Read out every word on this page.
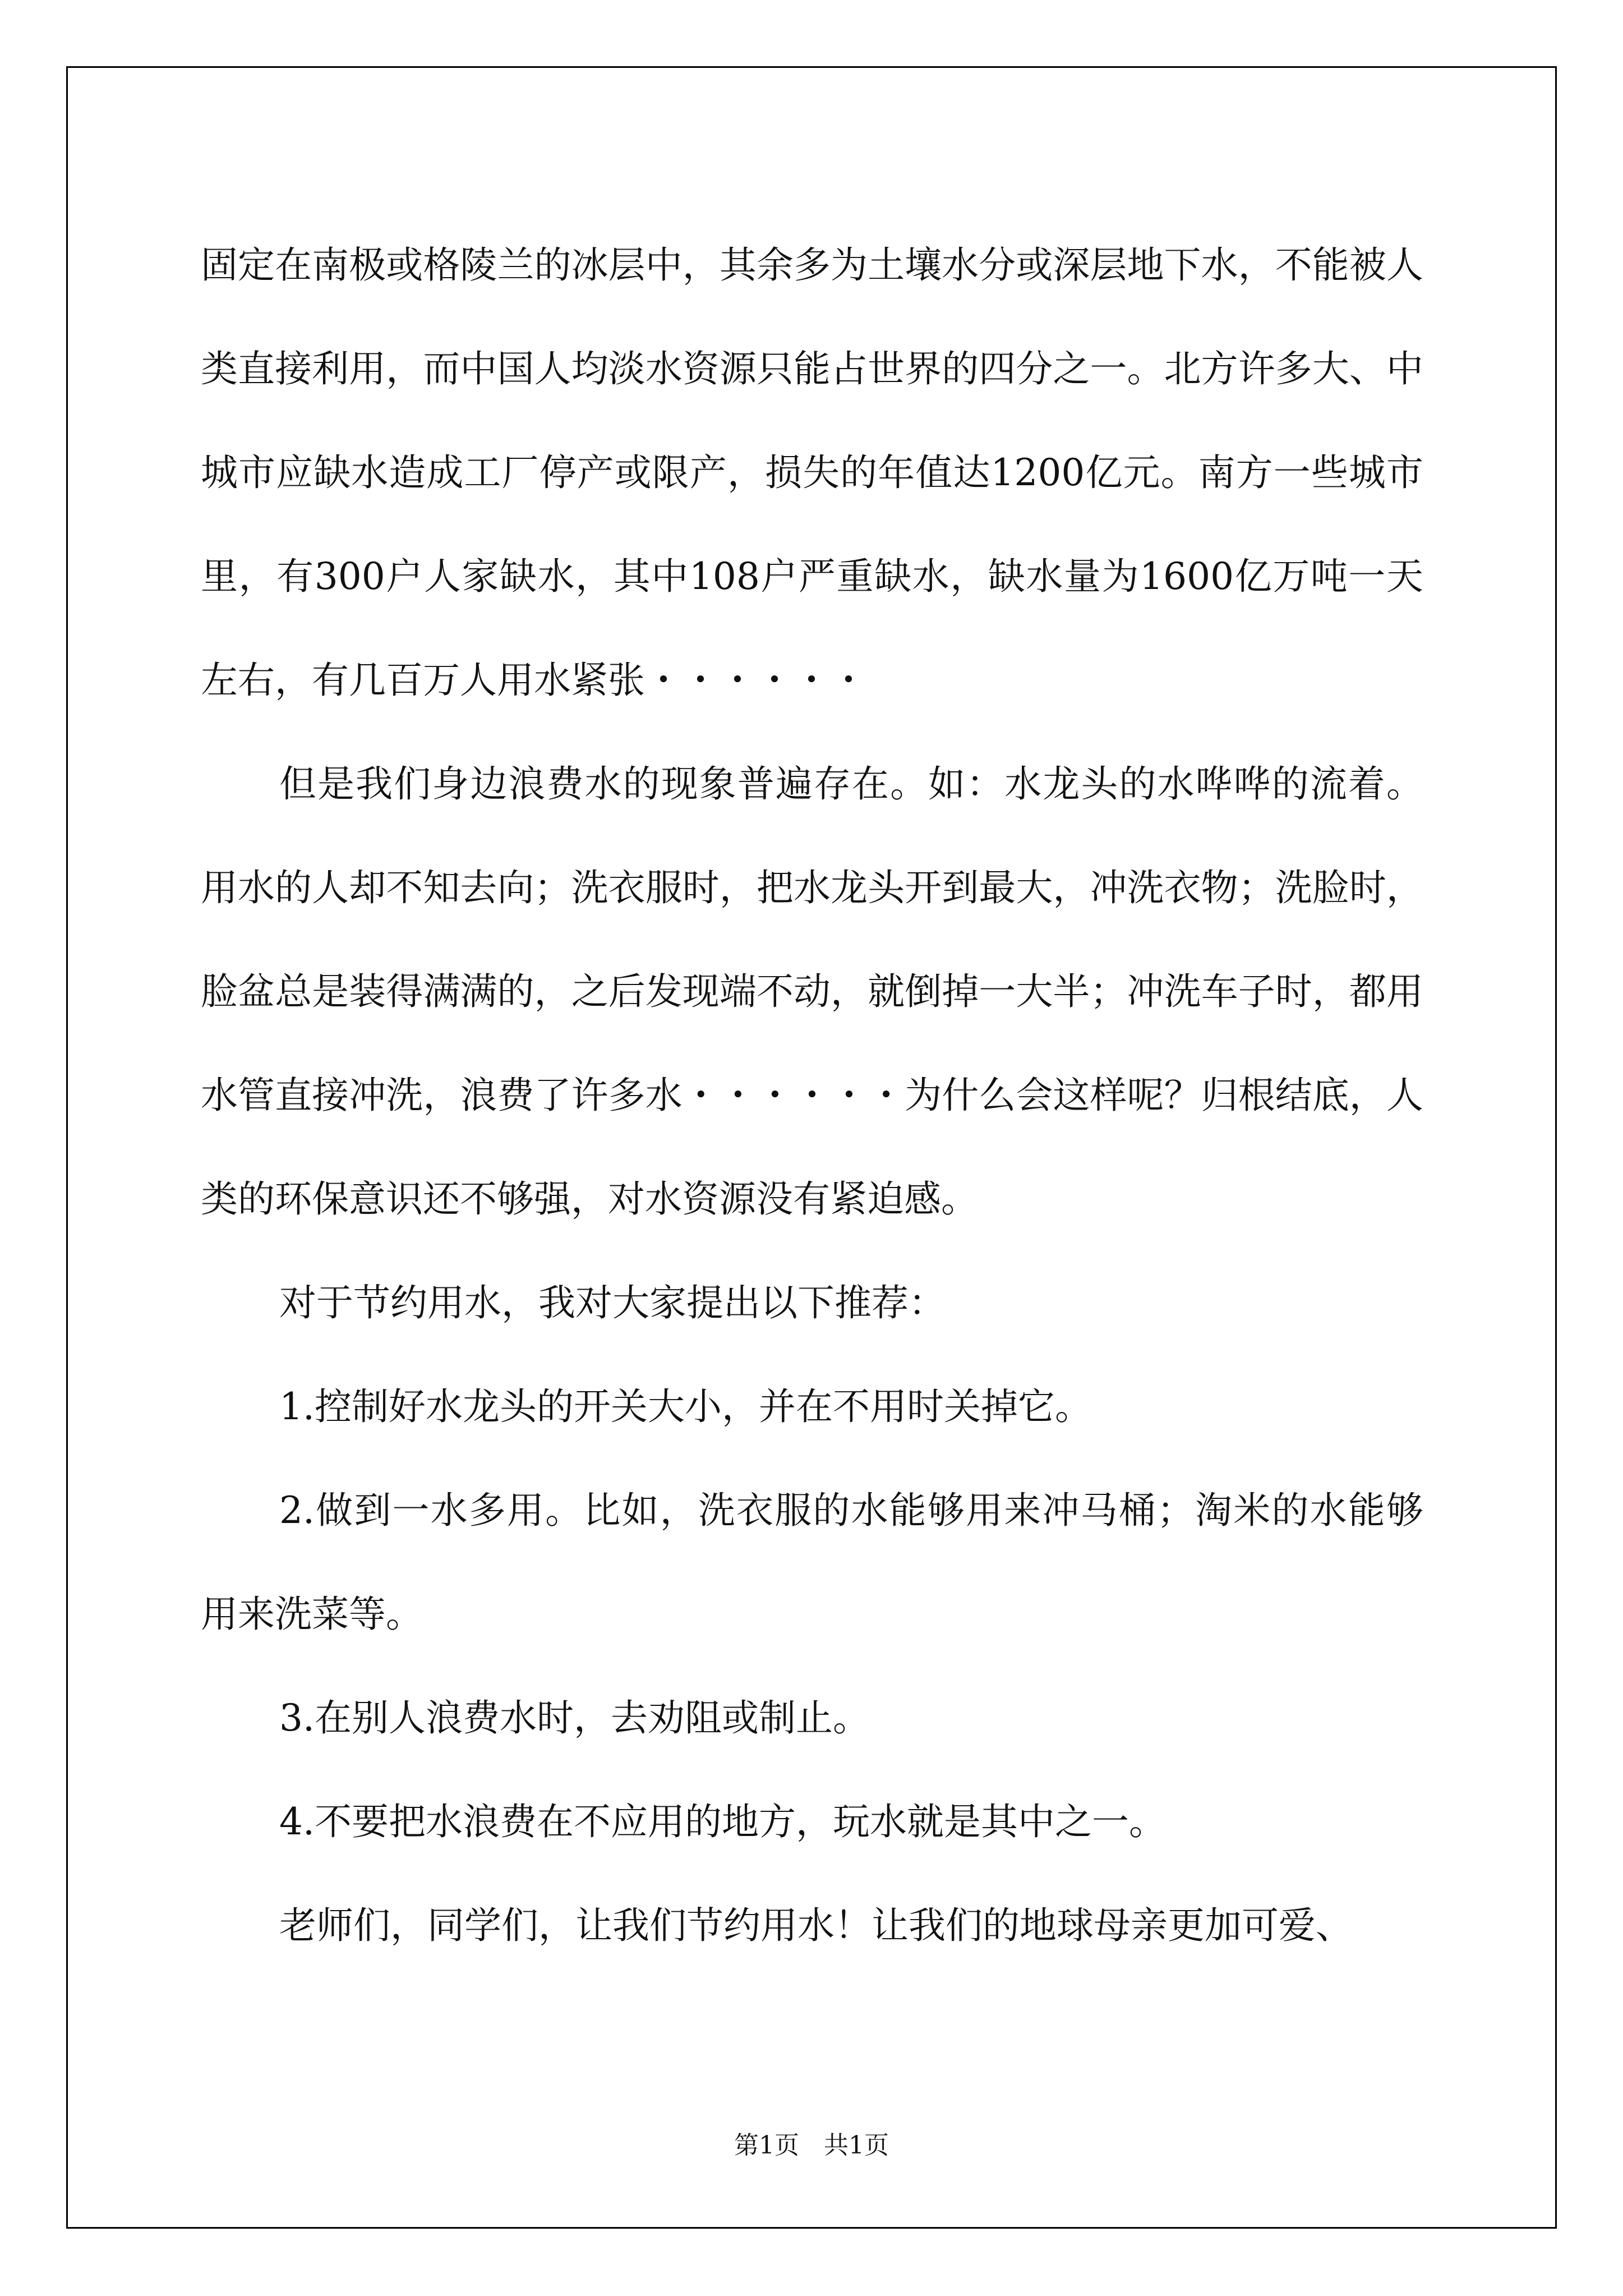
固定在南极或格陵兰的冰层中，其余多为土壤水分或深层地下水，不能被人类直接利用，而中国人均淡水资源只能占世界的四分之一。北方许多大、中城市应缺水造成工厂停产或限产，损失的年值达1200亿元。南方一些城市里，有300户人家缺水，其中108户严重缺水，缺水量为1600亿万吨一天左右，有几百万人用水紧张・・・・・・

但是我们身边浪费水的现象普遍存在。如：水龙头的水哗哗的流着。用水的人却不知去向；洗衣服时，把水龙头开到最大，冲洗衣物；洗脸时，脸盆总是装得满满的，之后发现端不动，就倒掉一大半；冲洗车子时，都用水管直接冲洗，浪费了许多水・・・・・・为什么会这样呢？归根结底，人类的环保意识还不够强，对水资源没有紧迫感。

对于节约用水，我对大家提出以下推荐：

1.控制好水龙头的开关大小，并在不用时关掉它。

2.做到一水多用。比如，洗衣服的水能够用来冲马桶；淘米的水能够用来洗菜等。

3.在别人浪费水时，去劝阻或制止。

4.不要把水浪费在不应用的地方，玩水就是其中之一。

老师们，同学们，让我们节约用水！让我们的地球母亲更加可爱、

第1页　共1页
